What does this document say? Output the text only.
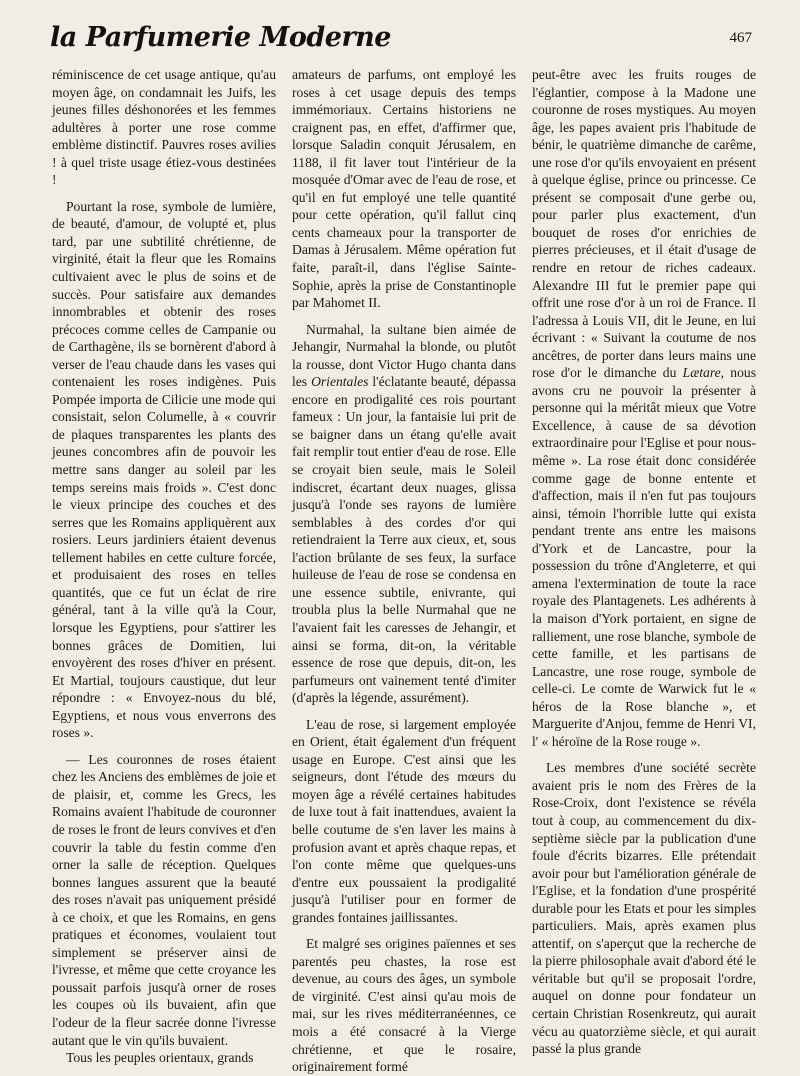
la Parfumerie Moderne	467

réminiscence de cet usage antique, qu'au moyen âge, on condamnait les Juifs, les jeunes filles déshonorées et les femmes adultères à porter une rose comme emblème distinctif. Pauvres roses avilies ! à quel triste usage étiez-vous destinées !

Pourtant la rose, symbole de lumière, de beauté, d'amour, de volupté et, plus tard, par une subtilité chrétienne, de virginité, était la fleur que les Romains cultivaient avec le plus de soins et de succès. Pour satisfaire aux demandes innombrables et obtenir des roses précoces comme celles de Campanie ou de Carthagène, ils se bornèrent d'abord à verser de l'eau chaude dans les vases qui contenaient les roses indigènes. Puis Pompée importa de Cilicie une mode qui consistait, selon Columelle, à « couvrir de plaques transparentes les plants des jeunes concombres afin de pouvoir les mettre sans danger au soleil par les temps sereins mais froids ». C'est donc le vieux principe des couches et des serres que les Romains appliquèrent aux rosiers. Leurs jardiniers étaient devenus tellement habiles en cette culture forcée, et produisaient des roses en telles quantités, que ce fut un éclat de rire général, tant à la ville qu'à la Cour, lorsque les Egyptiens, pour s'attirer les bonnes grâces de Domitien, lui envoyèrent des roses d'hiver en présent. Et Martial, toujours caustique, dut leur répondre : « Envoyez-nous du blé, Egyptiens, et nous vous enverrons des roses ».

— Les couronnes de roses étaient chez les Anciens des emblèmes de joie et de plaisir, et, comme les Grecs, les Romains avaient l'habitude de couronner de roses le front de leurs convives et d'en couvrir la table du festin comme d'en orner la salle de réception. Quelques bonnes langues assurent que la beauté des roses n'avait pas uniquement présidé à ce choix, et que les Romains, en gens pratiques et économes, voulaient tout simplement se préserver ainsi de l'ivresse, et même que cette croyance les poussait parfois jusqu'à orner de roses les coupes où ils buvaient, afin que l'odeur de la fleur sacrée donne l'ivresse autant que le vin qu'ils buvaient.

Tous les peuples orientaux, grands

amateurs de parfums, ont employé les roses à cet usage depuis des temps immémoriaux. Certains historiens ne craignent pas, en effet, d'affirmer que, lorsque Saladin conquit Jérusalem, en 1188, il fit laver tout l'intérieur de la mosquée d'Omar avec de l'eau de rose, et qu'il en fut employé une telle quantité pour cette opération, qu'il fallut cinq cents chameaux pour la transporter de Damas à Jérusalem. Même opération fut faite, paraît-il, dans l'église Sainte-Sophie, après la prise de Constantinople par Mahomet II.

Nurmahal, la sultane bien aimée de Jehangir, Nurmahal la blonde, ou plutôt la rousse, dont Victor Hugo chanta dans les Orientales l'éclatante beauté, dépassa encore en prodigalité ces rois pourtant fameux : Un jour, la fantaisie lui prit de se baigner dans un étang qu'elle avait fait remplir tout entier d'eau de rose. Elle se croyait bien seule, mais le Soleil indiscret, écartant deux nuages, glissa jusqu'à l'onde ses rayons de lumière semblables à des cordes d'or qui retiendraient la Terre aux cieux, et, sous l'action brûlante de ses feux, la surface huileuse de l'eau de rose se condensa en une essence subtile, enivrante, qui troubla plus la belle Nurmahal que ne l'avaient fait les caresses de Jehangir, et ainsi se forma, dit-on, la véritable essence de rose que depuis, dit-on, les parfumeurs ont vainement tenté d'imiter (d'après la légende, assurément).

L'eau de rose, si largement employée en Orient, était également d'un fréquent usage en Europe. C'est ainsi que les seigneurs, dont l'étude des mœurs du moyen âge a révélé certaines habitudes de luxe tout à fait inattendues, avaient la belle coutume de s'en laver les mains à profusion avant et après chaque repas, et l'on conte même que quelques-uns d'entre eux poussaient la prodigalité jusqu'à l'utiliser pour en former de grandes fontaines jaillissantes.

Et malgré ses origines païennes et ses parentés peu chastes, la rose est devenue, au cours des âges, un symbole de virginité. C'est ainsi qu'au mois de mai, sur les rives méditerranéennes, ce mois a été consacré à la Vierge chrétienne, et que le rosaire, originairement formé

peut-être avec les fruits rouges de l'églantier, compose à la Madone une couronne de roses mystiques. Au moyen âge, les papes avaient pris l'habitude de bénir, le quatrième dimanche de carême, une rose d'or qu'ils envoyaient en présent à quelque église, prince ou princesse. Ce présent se composait d'une gerbe ou, pour parler plus exactement, d'un bouquet de roses d'or enrichies de pierres précieuses, et il était d'usage de rendre en retour de riches cadeaux. Alexandre III fut le premier pape qui offrit une rose d'or à un roi de France. Il l'adressa à Louis VII, dit le Jeune, en lui écrivant : « Suivant la coutume de nos ancêtres, de porter dans leurs mains une rose d'or le dimanche du Lætare, nous avons cru ne pouvoir la présenter à personne qui la méritât mieux que Votre Excellence, à cause de sa dévotion extraordinaire pour l'Eglise et pour nous-même ». La rose était donc considérée comme gage de bonne entente et d'affection, mais il n'en fut pas toujours ainsi, témoin l'horrible lutte qui exista pendant trente ans entre les maisons d'York et de Lancastre, pour la possession du trône d'Angleterre, et qui amena l'extermination de toute la race royale des Plantagenets. Les adhérents à la maison d'York portaient, en signe de ralliement, une rose blanche, symbole de cette famille, et les partisans de Lancastre, une rose rouge, symbole de celle-ci. Le comte de Warwick fut le « héros de la Rose blanche », et Marguerite d'Anjou, femme de Henri VI, l' « héroïne de la Rose rouge ».

Les membres d'une société secrète avaient pris le nom des Frères de la Rose-Croix, dont l'existence se révéla tout à coup, au commencement du dix-septième siècle par la publication d'une foule d'écrits bizarres. Elle prétendait avoir pour but l'amélioration générale de l'Eglise, et la fondation d'une prospérité durable pour les Etats et pour les simples particuliers. Mais, après examen plus attentif, on s'aperçut que la recherche de la pierre philosophale avait d'abord été le véritable but qu'il se proposait l'ordre, auquel on donne pour fondateur un certain Christian Rosenkreutz, qui aurait vécu au quatorzième siècle, et qui aurait passé la plus grande
